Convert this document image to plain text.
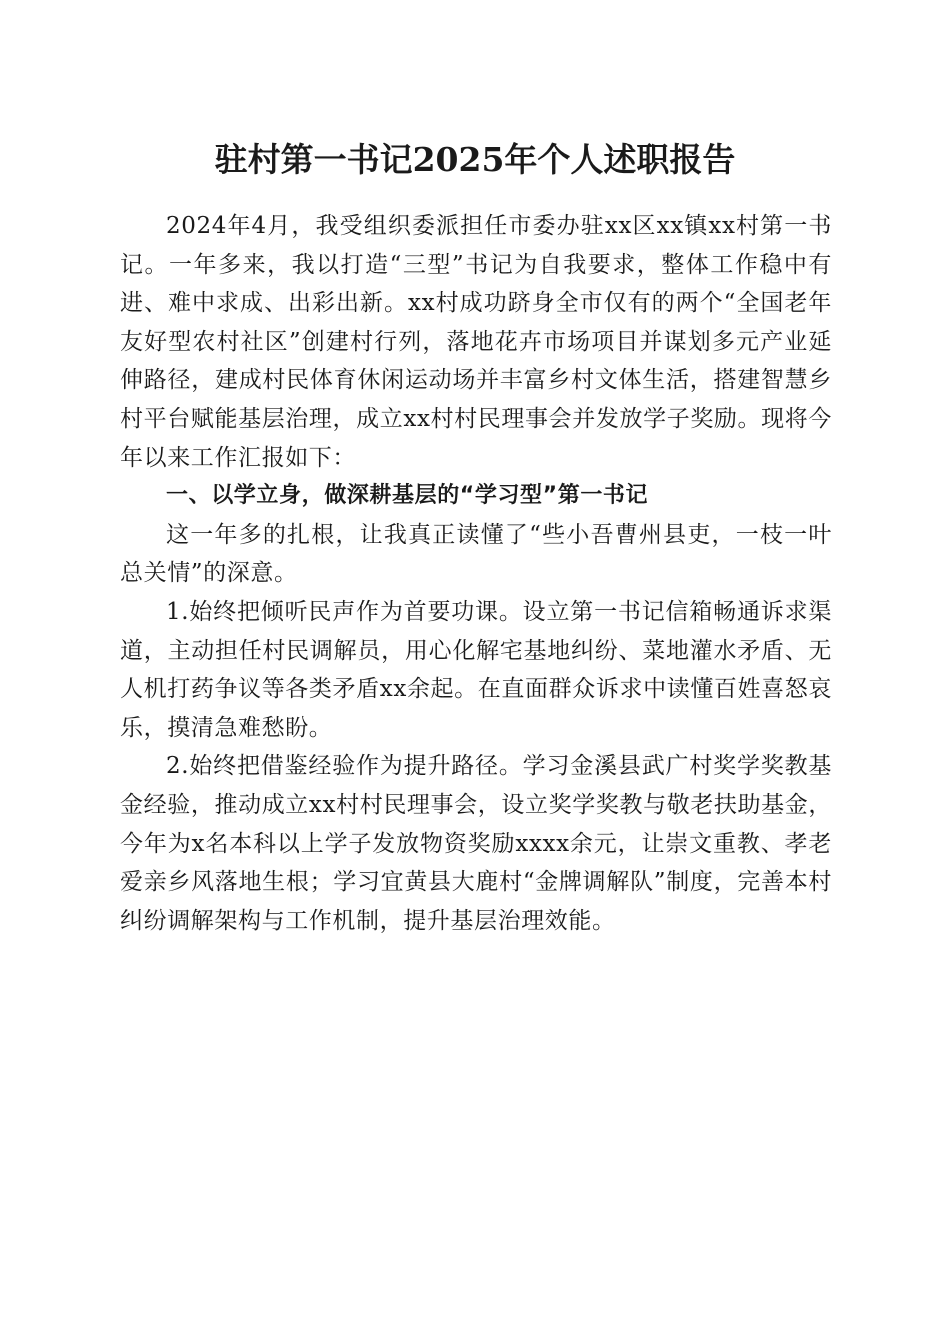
驻村第一书记2025年个人述职报告

2024年4月，我受组织委派担任市委办驻xx区xx镇xx村第一书记。一年多来，我以打造“三型”书记为自我要求，整体工作稳中有进、难中求成、出彩出新。xx村成功跻身全市仅有的两个“全国老年友好型农村社区”创建村行列，落地花卉市场项目并谋划多元产业延伸路径，建成村民体育休闲运动场并丰富乡村文体生活，搭建智慧乡村平台赋能基层治理，成立xx村村民理事会并发放学子奖励。现将今年以来工作汇报如下：

一、以学立身，做深耕基层的“学习型”第一书记

这一年多的扎根，让我真正读懂了“些小吾曹州县吏，一枝一叶总关情”的深意。

1.始终把倾听民声作为首要功课。设立第一书记信箱畅通诉求渠道，主动担任村民调解员，用心化解宅基地纠纷、菜地灌水矛盾、无人机打药争议等各类矛盾xx余起。在直面群众诉求中读懂百姓喜怒哀乐，摸清急难愁盼。

2.始终把借鉴经验作为提升路径。学习金溪县武广村奖学奖教基金经验，推动成立xx村村民理事会，设立奖学奖教与敬老扶助基金，今年为x名本科以上学子发放物资奖励xxxx余元，让崇文重教、孝老爱亲乡风落地生根；学习宜黄县大鹿村“金牌调解队”制度，完善本村纠纷调解架构与工作机制，提升基层治理效能。
